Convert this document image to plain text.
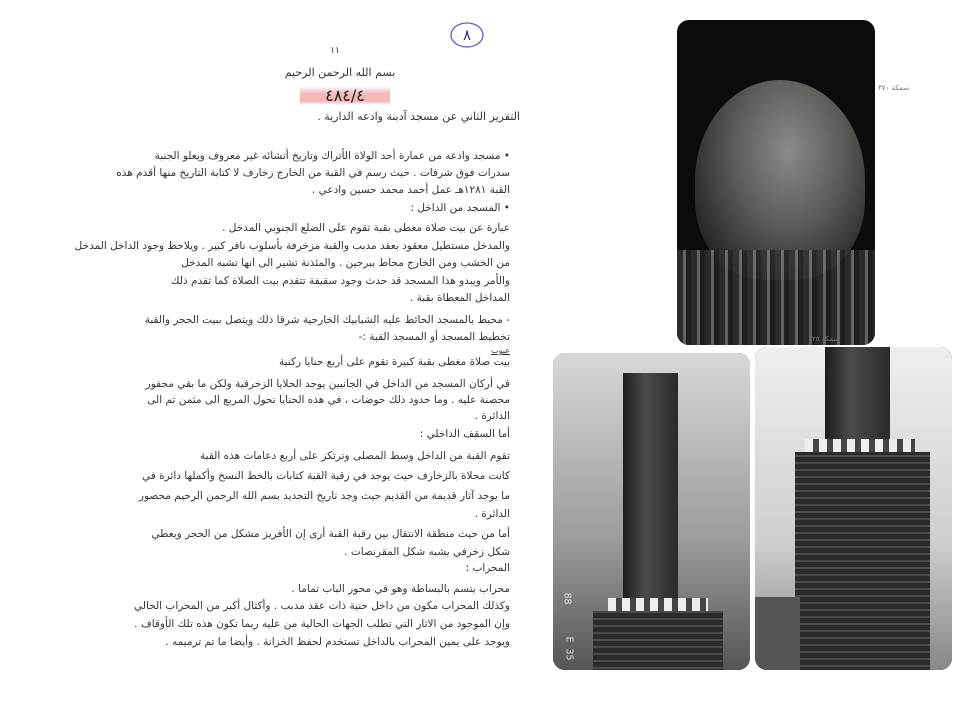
٨
١١
بسم الله الرحمن الرحيم
٤٨٤/٤
التقرير الثاني عن مسجد آدبنة وادعه الدارية .
• مسجد وادعه من عمارة أحد الولاة الأتراك وتاريخ أنشائه غير معروف ويعلو الجنبة
سدرات فوق شرفات . حيث رسم في القبة من الخارج زخارف لا كتابة التاريخ منها أقدم هذه
القبة ١٢٨١هـ عمل أحمد محمد حسين وادعي .
• المسجد من الداخل :
عبارة عن بيت صلاة مغطى بقبة تقوم على الضلع الجنوبي المدخل .
والمدخل مستطيل معقود بعقد مدبب والقبة مزخرفة بأسلوب نافر كبير . ويلاحظ وجود الداخل المدخل
من الخشب ومن الخارج محاط ببرجين . والمئذنة تشير الى انها تشبه المدخل
والأمر ويبدو هذا المسجد قد حدث وجود سقيفة تتقدم بيت الصلاة كما تقدم ذلك
المداخل المعطاة بقبة .
- محيط بالمسجد الحائط عليه الشبابيك الخارجية شرقا ذلك ويتصل ببيت الحجر والقبة
تخطيط المسجد أو المسجد القبة :-
عيوب
بيت صلاة مغطى بقبة كبيرة تقوم على أربع حنايا ركنية
في أركان المسجد من الداخل في الجانبين يوجد الحلايا الزخرفية ولكن ما بقي محفور
محصنة عليه . وما حدود ذلك حوضات ، في هذه الحنايا تحول المربع الى مثمن ثم الى
الدائرة .
أما السقف الداخلي :
تقوم القبة من الداخل وسط المصلى وترتكز على أربع دعامات هذه القبة
كانت محلاة بالزخارف حيث يوجد في رقبة القبة كتابات بالخط النسخ وأكملها دائرة في
ما يوجد آثار قديمة من القديم حيث وجد تاريخ التجديد بسم الله الرحمن الرحيم محصور
الدائرة .
أما من حيث منطقة الانتقال بين رقبة القبة أرى إن الأفريز مشكل من الحجر ويعطي
شكل زخرفي يشبه شكل المقرنصات .
المحراب :
محراب يتسم بالبساطة وهو في محور الباب تماما .
وكذلك المحراب مكون من داخل حنية ذات عقد مدبب . وأكثال أكبر من المحراب الحالي
وإن الموجود من الاثار التي تطلب الجهات الحالية من عليه ربما تكون هذه تلك الأوقاف .
ويوجد على يمين المحراب بالداخل تستخدم لحفظ الخزانة . وأيضا ما تم ترميمه .
سمكة ٣٧٠
88
E 35
سمكة ٢٥
